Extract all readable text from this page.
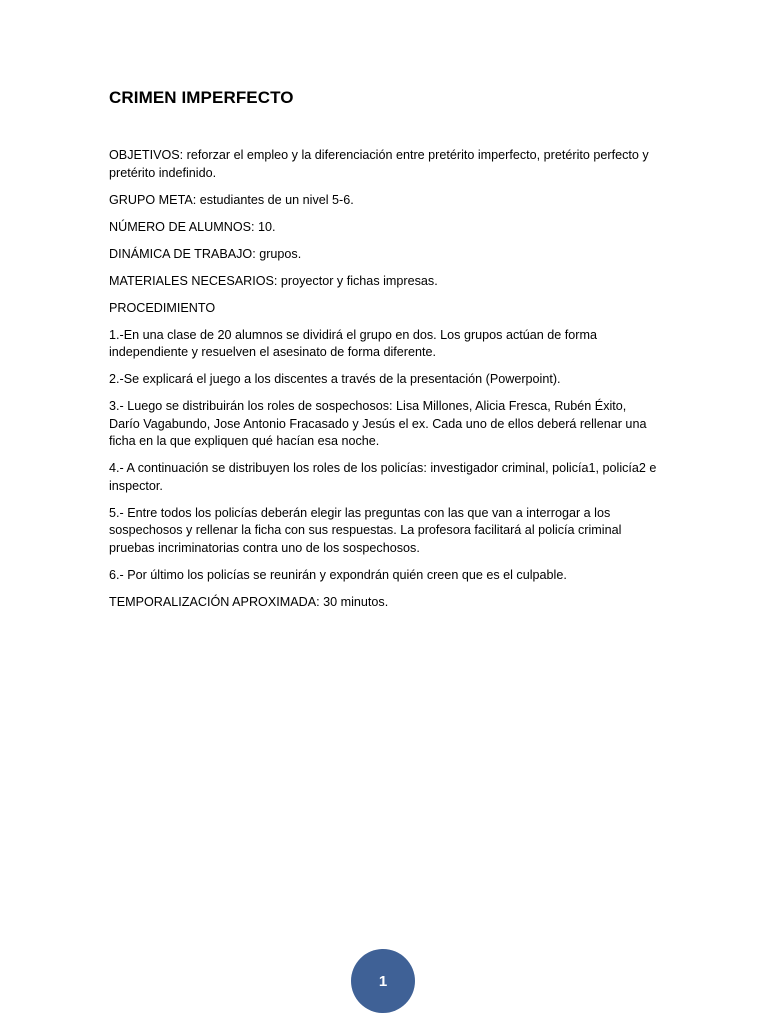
CRIMEN IMPERFECTO

OBJETIVOS: reforzar el empleo y la diferenciación entre pretérito imperfecto, pretérito perfecto y pretérito indefinido.

GRUPO META: estudiantes de un nivel 5-6.

NÚMERO DE ALUMNOS: 10.

DINÁMICA DE TRABAJO: grupos.

MATERIALES NECESARIOS: proyector y fichas impresas.

PROCEDIMIENTO

1.-En una clase de 20 alumnos se dividirá el grupo en dos. Los grupos actúan de forma independiente y resuelven el asesinato de forma diferente.

2.-Se explicará el juego a los discentes a través de la presentación (Powerpoint).

3.- Luego se distribuirán los roles de sospechosos: Lisa Millones, Alicia Fresca, Rubén Éxito, Darío Vagabundo, Jose Antonio Fracasado y Jesús el ex. Cada uno de ellos deberá rellenar una ficha en la que expliquen qué hacían esa noche.

4.- A continuación se distribuyen los roles de los policías: investigador criminal, policía1, policía2 e inspector.

5.- Entre todos los policías deberán elegir las preguntas con las que van a interrogar a los sospechosos y rellenar la ficha con sus respuestas. La profesora facilitará al policía criminal pruebas incriminatorias contra uno de los sospechosos.

6.- Por último los policías se reunirán y expondrán quién creen que es el culpable.

TEMPORALIZACIÓN APROXIMADA: 30 minutos.

1
